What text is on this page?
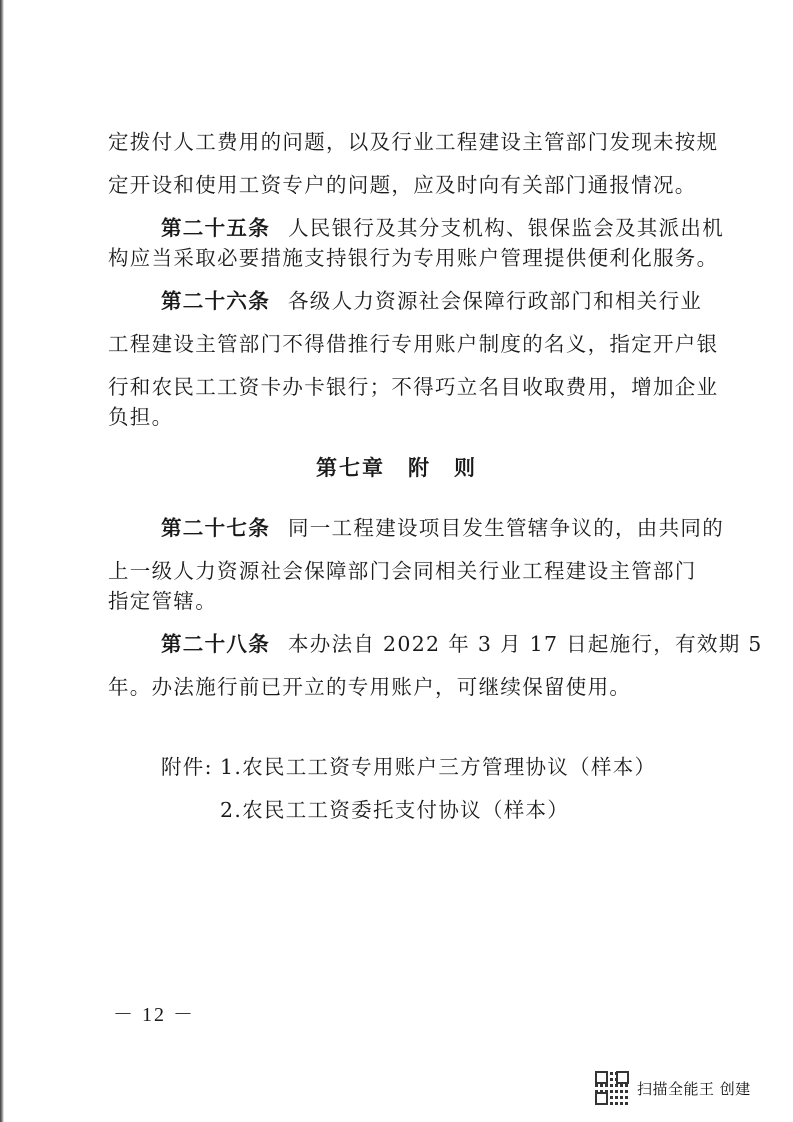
定拨付人工费用的问题，以及行业工程建设主管部门发现未按规
定开设和使用工资专户的问题，应及时向有关部门通报情况。
第二十五条 人民银行及其分支机构、银保监会及其派出机
构应当采取必要措施支持银行为专用账户管理提供便利化服务。
第二十六条 各级人力资源社会保障行政部门和相关行业
工程建设主管部门不得借推行专用账户制度的名义，指定开户银
行和农民工工资卡办卡银行；不得巧立名目收取费用，增加企业
负担。
第七章　附　则
第二十七条 同一工程建设项目发生管辖争议的，由共同的
上一级人力资源社会保障部门会同相关行业工程建设主管部门
指定管辖。
第二十八条 本办法自 2022 年 3 月 17 日起施行，有效期 5
年。办法施行前已开立的专用账户，可继续保留使用。
附件: 1.农民工工资专用账户三方管理协议（样本）
2.农民工工资委托支付协议（样本）
－ 12 －
扫描全能王 创建
